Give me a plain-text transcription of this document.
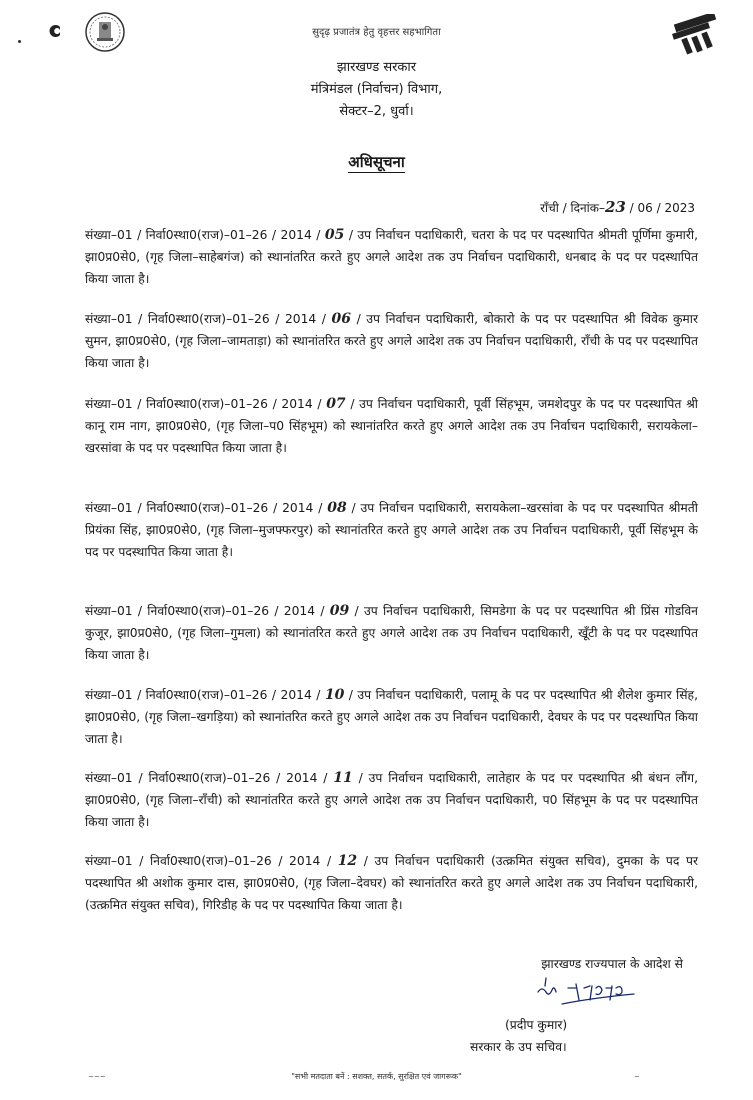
सुदृढ़ प्रजातंत्र हेतु वृहत्तर सहभागिता
झारखण्ड सरकार
मंत्रिमंडल (निर्वाचन) विभाग,
सेक्टर–2, धुर्वा।
अधिसूचना
राँची / दिनांक–23 / 06 / 2023
संख्या–01 / निर्वा0स्था0(राज)–01–26 / 2014 / 05 / उप निर्वाचन पदाधिकारी, चतरा के पद पर पदस्थापित श्रीमती पूर्णिमा कुमारी, झा0प्र0से0, (गृह जिला–साहेबगंज) को स्थानांतरित करते हुए अगले आदेश तक उप निर्वाचन पदाधिकारी, धनबाद के पद पर पदस्थापित किया जाता है।
संख्या–01 / निर्वा0स्था0(राज)–01–26 / 2014 / 06 / उप निर्वाचन पदाधिकारी, बोकारो के पद पर पदस्थापित श्री विवेक कुमार सुमन, झा0प्र0से0, (गृह जिला–जामताड़ा) को स्थानांतरित करते हुए अगले आदेश तक उप निर्वाचन पदाधिकारी, राँची के पद पर पदस्थापित किया जाता है।
संख्या–01 / निर्वा0स्था0(राज)–01–26 / 2014 / 07 / उप निर्वाचन पदाधिकारी, पूर्वी सिंहभूम, जमशेदपुर के पद पर पदस्थापित श्री कानू राम नाग, झा0प्र0से0, (गृह जिला–प0 सिंहभूम) को स्थानांतरित करते हुए अगले आदेश तक उप निर्वाचन पदाधिकारी, सरायकेला–खरसांवा के पद पर पदस्थापित किया जाता है।
संख्या–01 / निर्वा0स्था0(राज)–01–26 / 2014 / 08 / उप निर्वाचन पदाधिकारी, सरायकेला–खरसांवा के पद पर पदस्थापित श्रीमती प्रियंका सिंह, झा0प्र0से0, (गृह जिला–मुजफ्फरपुर) को स्थानांतरित करते हुए अगले आदेश तक उप निर्वाचन पदाधिकारी, पूर्वी सिंहभूम के पद पर पदस्थापित किया जाता है।
संख्या–01 / निर्वा0स्था0(राज)–01–26 / 2014 / 09 / उप निर्वाचन पदाधिकारी, सिमडेगा के पद पर पदस्थापित श्री प्रिंस गोडविन कुजूर, झा0प्र0से0, (गृह जिला–गुमला) को स्थानांतरित करते हुए अगले आदेश तक उप निर्वाचन पदाधिकारी, खूँटी के पद पर पदस्थापित किया जाता है।
संख्या–01 / निर्वा0स्था0(राज)–01–26 / 2014 / 10 / उप निर्वाचन पदाधिकारी, पलामू के पद पर पदस्थापित श्री शैलेश कुमार सिंह, झा0प्र0से0, (गृह जिला–खगड़िया) को स्थानांतरित करते हुए अगले आदेश तक उप निर्वाचन पदाधिकारी, देवघर के पद पर पदस्थापित किया जाता है।
संख्या–01 / निर्वा0स्था0(राज)–01–26 / 2014 / 11 / उप निर्वाचन पदाधिकारी, लातेहार के पद पर पदस्थापित श्री बंधन लौंग, झा0प्र0से0, (गृह जिला–राँची) को स्थानांतरित करते हुए अगले आदेश तक उप निर्वाचन पदाधिकारी, प0 सिंहभूम के पद पर पदस्थापित किया जाता है।
संख्या–01 / निर्वा0स्था0(राज)–01–26 / 2014 / 12 / उप निर्वाचन पदाधिकारी (उत्क्रमित संयुक्त सचिव), दुमका के पद पर पदस्थापित श्री अशोक कुमार दास, झा0प्र0से0, (गृह जिला–देवघर) को स्थानांतरित करते हुए अगले आदेश तक उप निर्वाचन पदाधिकारी, (उत्क्रमित संयुक्त सचिव), गिरिडीह के पद पर पदस्थापित किया जाता है।
झारखण्ड राज्यपाल के आदेश से
(प्रदीप कुमार)
सरकार के उप सचिव।
~~~	"सभी मतदाता बनें : सशक्त, सतर्क, सुरक्षित एवं जागरूक"	~
